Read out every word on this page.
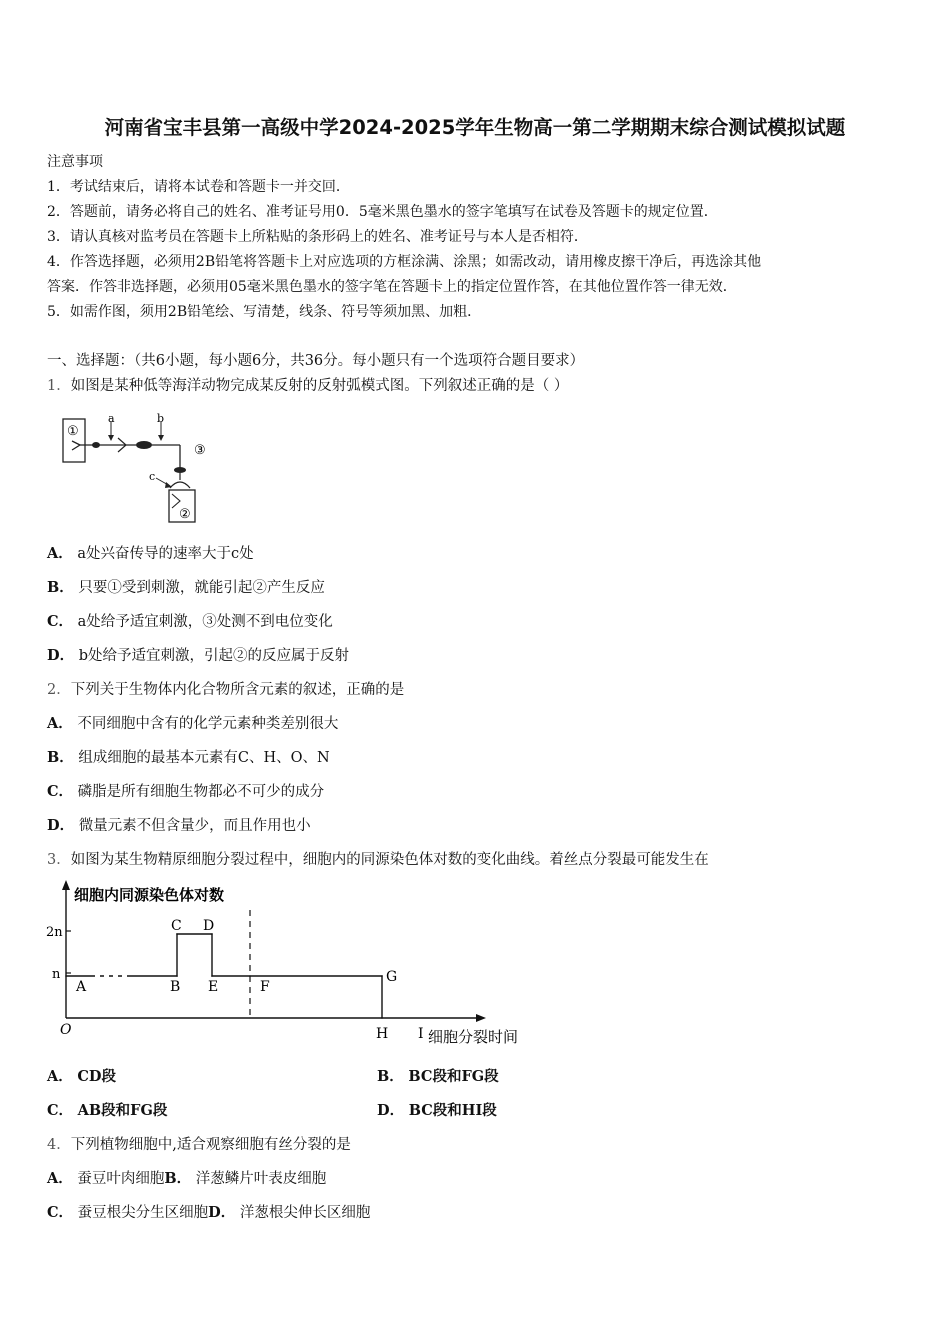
河南省宝丰县第一高级中学2024-2025学年生物高一第二学期期末综合测试模拟试题
注意事项
1．考试结束后，请将本试卷和答题卡一并交回．
2．答题前，请务必将自己的姓名、准考证号用0．5毫米黑色墨水的签字笔填写在试卷及答题卡的规定位置．
3．请认真核对监考员在答题卡上所粘贴的条形码上的姓名、准考证号与本人是否相符．
4．作答选择题，必须用2B铅笔将答题卡上对应选项的方框涂满、涂黑；如需改动，请用橡皮擦干净后，再选涂其他
答案．作答非选择题，必须用05毫米黑色墨水的签字笔在答题卡上的指定位置作答，在其他位置作答一律无效．
5．如需作图，须用2B铅笔绘、写清楚，线条、符号等须加黑、加粗．
一、选择题：（共6小题，每小题6分，共36分。每小题只有一个选项符合题目要求）
1．如图是某种低等海洋动物完成某反射的反射弧模式图。下列叙述正确的是（ ）
①
a	b
③
②
c
A． a处兴奋传导的速率大于c处
B． 只要①受到刺激，就能引起②产生反应
C． a处给予适宜刺激，③处测不到电位变化
D． b处给予适宜刺激，引起②的反应属于反射
2．下列关于生物体内化合物所含元素的叙述，正确的是
A． 不同细胞中含有的化学元素种类差别很大
B． 组成细胞的最基本元素有C、H、O、N
C． 磷脂是所有细胞生物都必不可少的成分
D． 微量元素不但含量少，而且作用也小
3．如图为某生物精原细胞分裂过程中，细胞内的同源染色体对数的变化曲线。着丝点分裂最可能发生在
细胞内同源染色体对数
细胞分裂时间
O
2n
n
A	B
C D
E	F
G
H I
A． CD段	B． BC段和FG段
C． AB段和FG段	D． BC段和HI段
4．下列植物细胞中,适合观察细胞有丝分裂的是
A． 蚕豆叶肉细胞B． 洋葱鳞片叶表皮细胞
C． 蚕豆根尖分生区细胞D． 洋葱根尖伸长区细胞
